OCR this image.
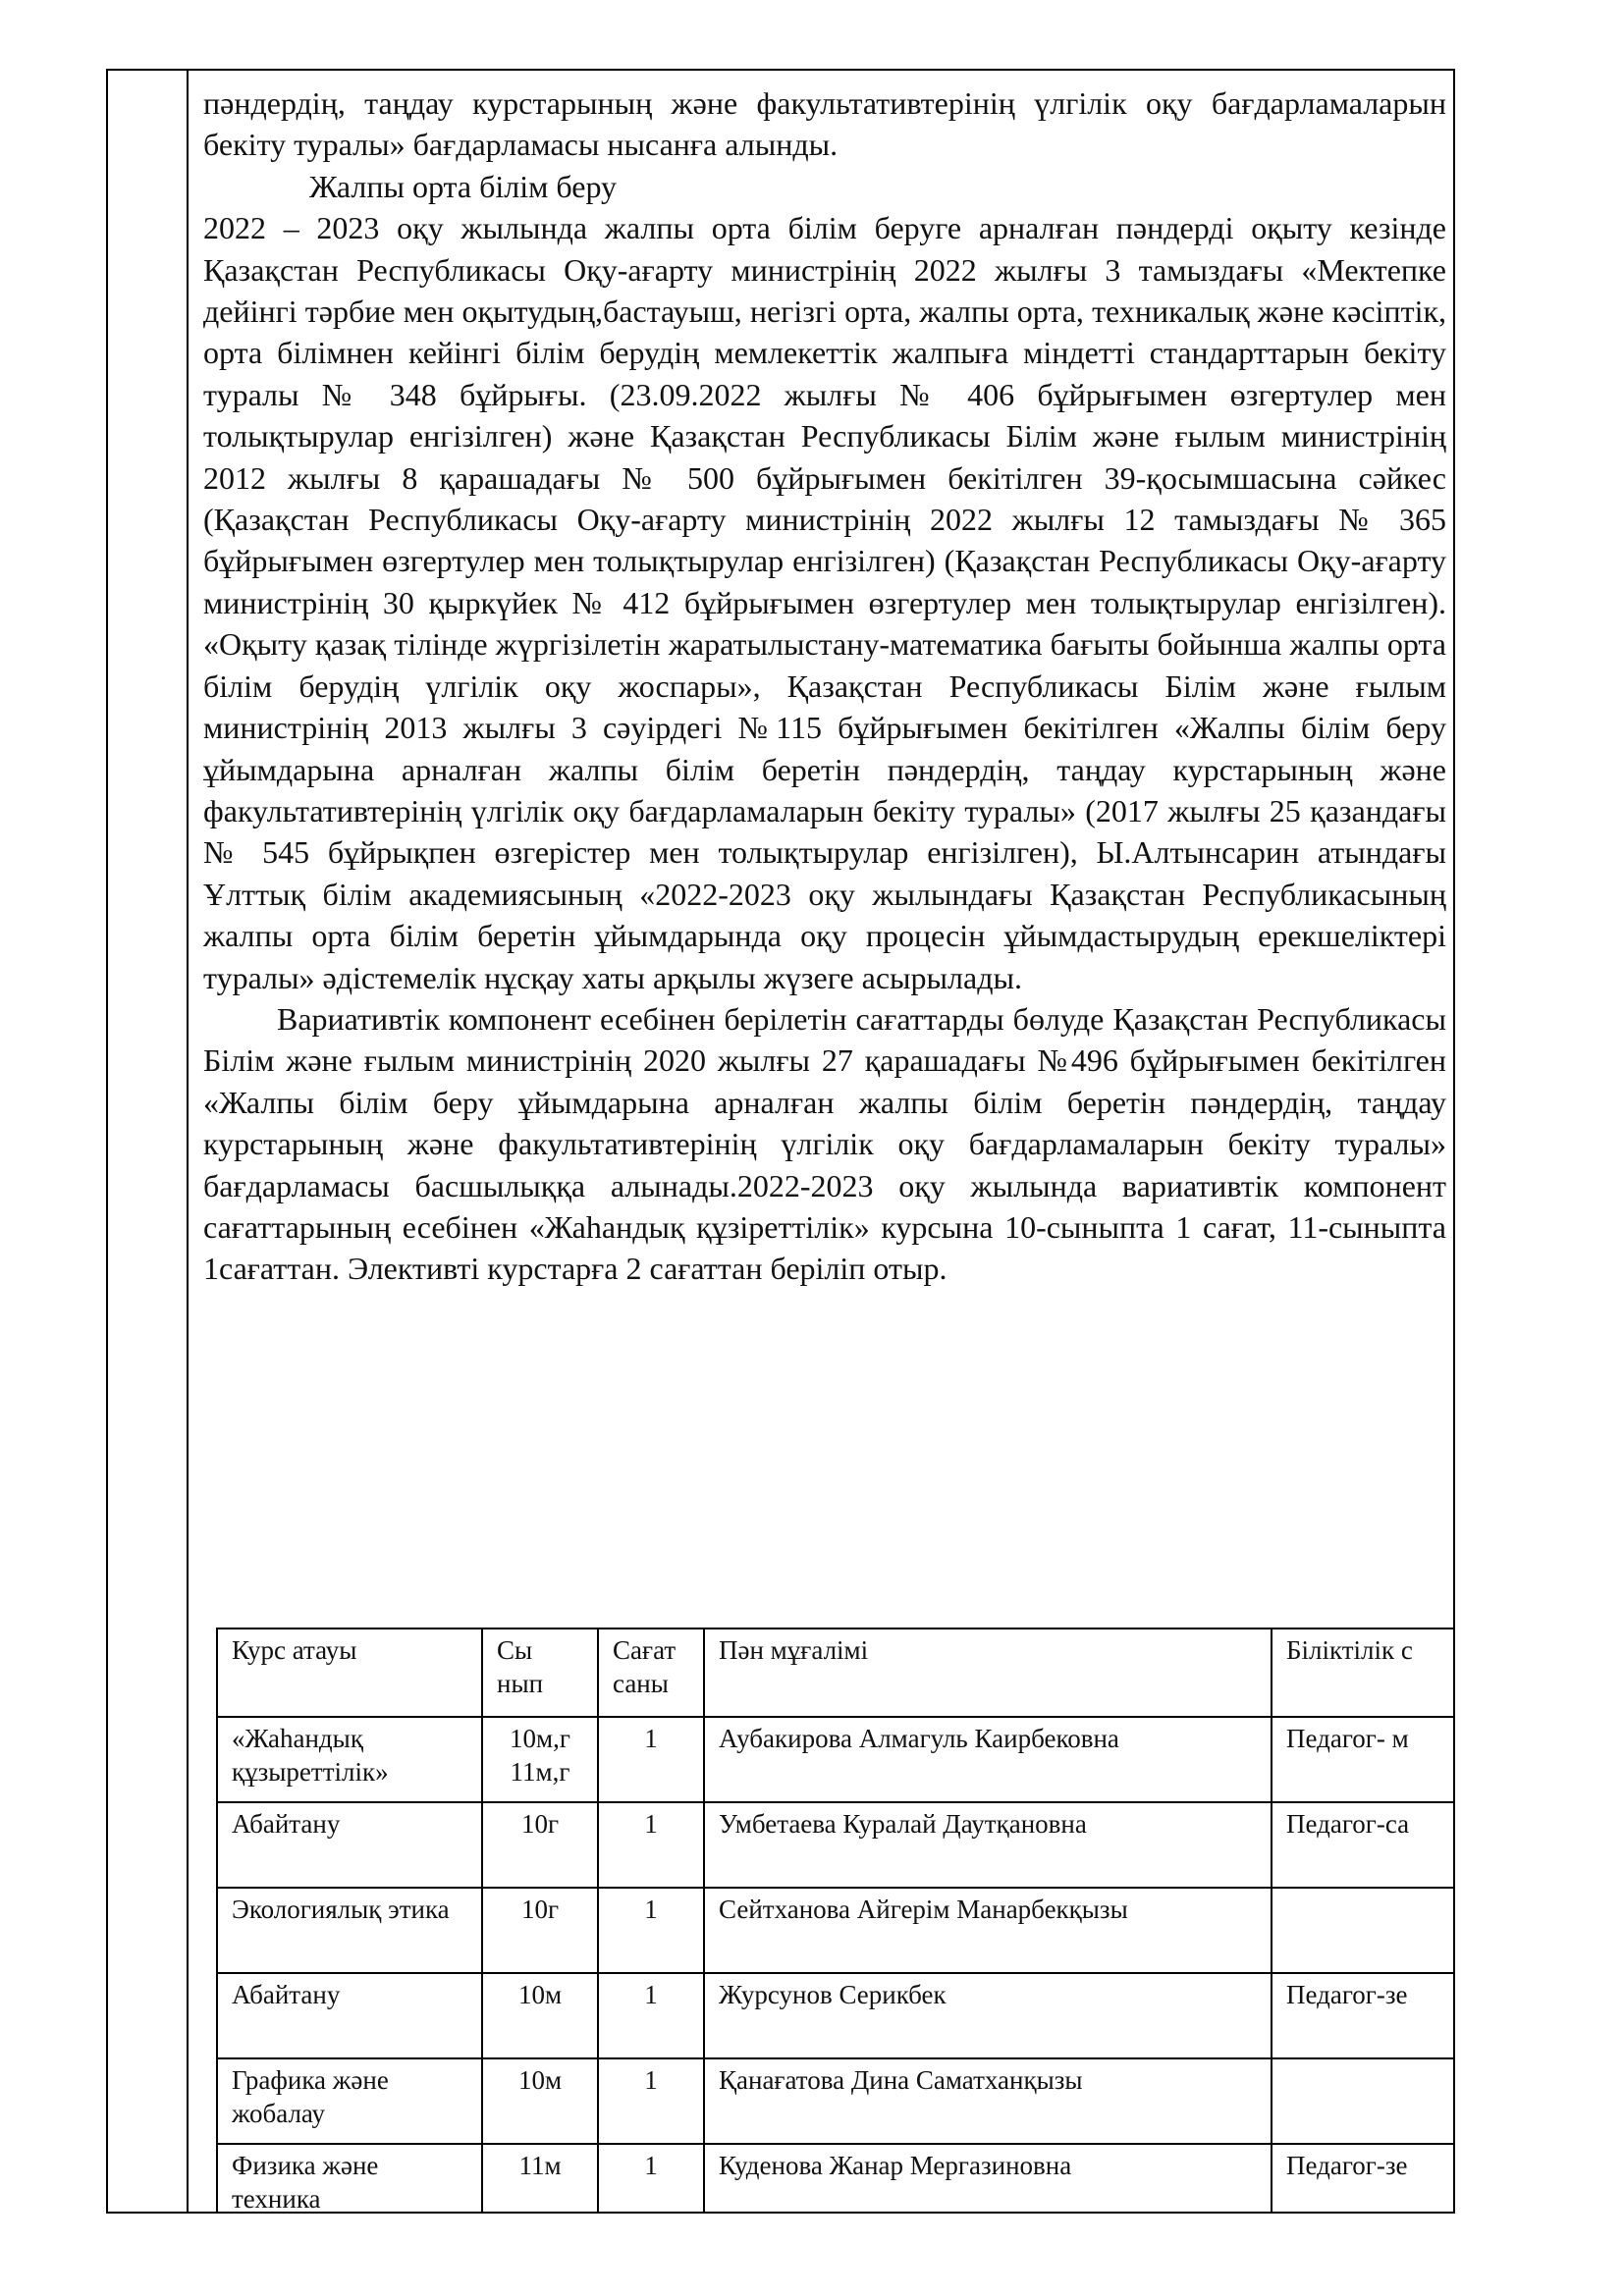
пәндердің, таңдау курстарының және факультативтерінің үлгілік оқу бағдарламаларын бекіту туралы» бағдарламасы нысанға алынды.

Жалпы орта білім беру

2022 – 2023 оқу жылында жалпы орта білім беруге арналған пәндерді оқыту кезінде Қазақстан Республикасы Оқу-ағарту министрінің 2022 жылғы 3 тамыздағы «Мектепке дейінгі тәрбие мен оқытудың,бастауыш, негізгі орта, жалпы орта, техникалық және кәсіптік, орта білімнен кейінгі білім берудің мемлекеттік жалпыға міндетті стандарттарын бекіту туралы № 348 бұйрығы. (23.09.2022 жылғы № 406 бұйрығымен өзгертулер мен толықтырулар енгізілген) және Қазақстан Республикасы Білім және ғылым министрінің 2012 жылғы 8 қарашадағы № 500 бұйрығымен бекітілген 39-қосымшасына сәйкес (Қазақстан Республикасы Оқу-ағарту министрінің 2022 жылғы 12 тамыздағы № 365 бұйрығымен өзгертулер мен толықтырулар енгізілген) (Қазақстан Республикасы Оқу-ағарту министрінің 30 қыркүйек № 412 бұйрығымен өзгертулер мен толықтырулар енгізілген). «Оқыту қазақ тілінде жүргізілетін жаратылыстану-математика бағыты бойынша жалпы орта білім берудің үлгілік оқу жоспары», Қазақстан Республикасы Білім және ғылым министрінің 2013 жылғы 3 сәуірдегі №115 бұйрығымен бекітілген «Жалпы білім беру ұйымдарына арналған жалпы білім беретін пәндердің, таңдау курстарының және факультативтерінің үлгілік оқу бағдарламаларын бекіту туралы» (2017 жылғы 25 қазандағы № 545 бұйрықпен өзгерістер мен толықтырулар енгізілген), Ы.Алтынсарин атындағы Ұлттық білім академиясының «2022-2023 оқу жылындағы Қазақстан Республикасының жалпы орта білім беретін ұйымдарында оқу процесін ұйымдастырудың ерекшеліктері туралы» әдістемелік нұсқау хаты арқылы жүзеге асырылады.

Вариативтік компонент есебінен берілетін сағаттарды бөлуде Қазақстан Республикасы Білім және ғылым министрінің 2020 жылғы 27 қарашадағы №496 бұйрығымен бекітілген «Жалпы білім беру ұйымдарына арналған жалпы білім беретін пәндердің, таңдау курстарының және факультативтерінің үлгілік оқу бағдарламаларын бекіту туралы» бағдарламасы басшылыққа алынады.2022-2023 оқу жылында вариативтік компонент сағаттарының есебінен «Жаһандық құзіреттілік» курсына 10-сыныпта 1 сағат, 11-сыныпта 1сағаттан. Элективті курстарға 2 сағаттан беріліп отыр.

Курс атауы	Сы нып	Сағат саны	Пән мұғалімі	Біліктілік с
«Жаһандық құзыреттілік»	10м,г 11м,г	1	Аубакирова Алмагуль Каирбековна	Педагог- м
Абайтану	10г	1	Умбетаева Куралай Даутқановна	Педагог-са
Экологиялық этика	10г	1	Сейтханова Айгерім Манарбекқызы	
Абайтану	10м	1	Журсунов Серикбек	Педагог-зе
Графика және жобалау	10м	1	Қанағатова Дина Саматханқызы	
Физика және техника	11м	1	Куденова Жанар Мергазиновна	Педагог-зе
